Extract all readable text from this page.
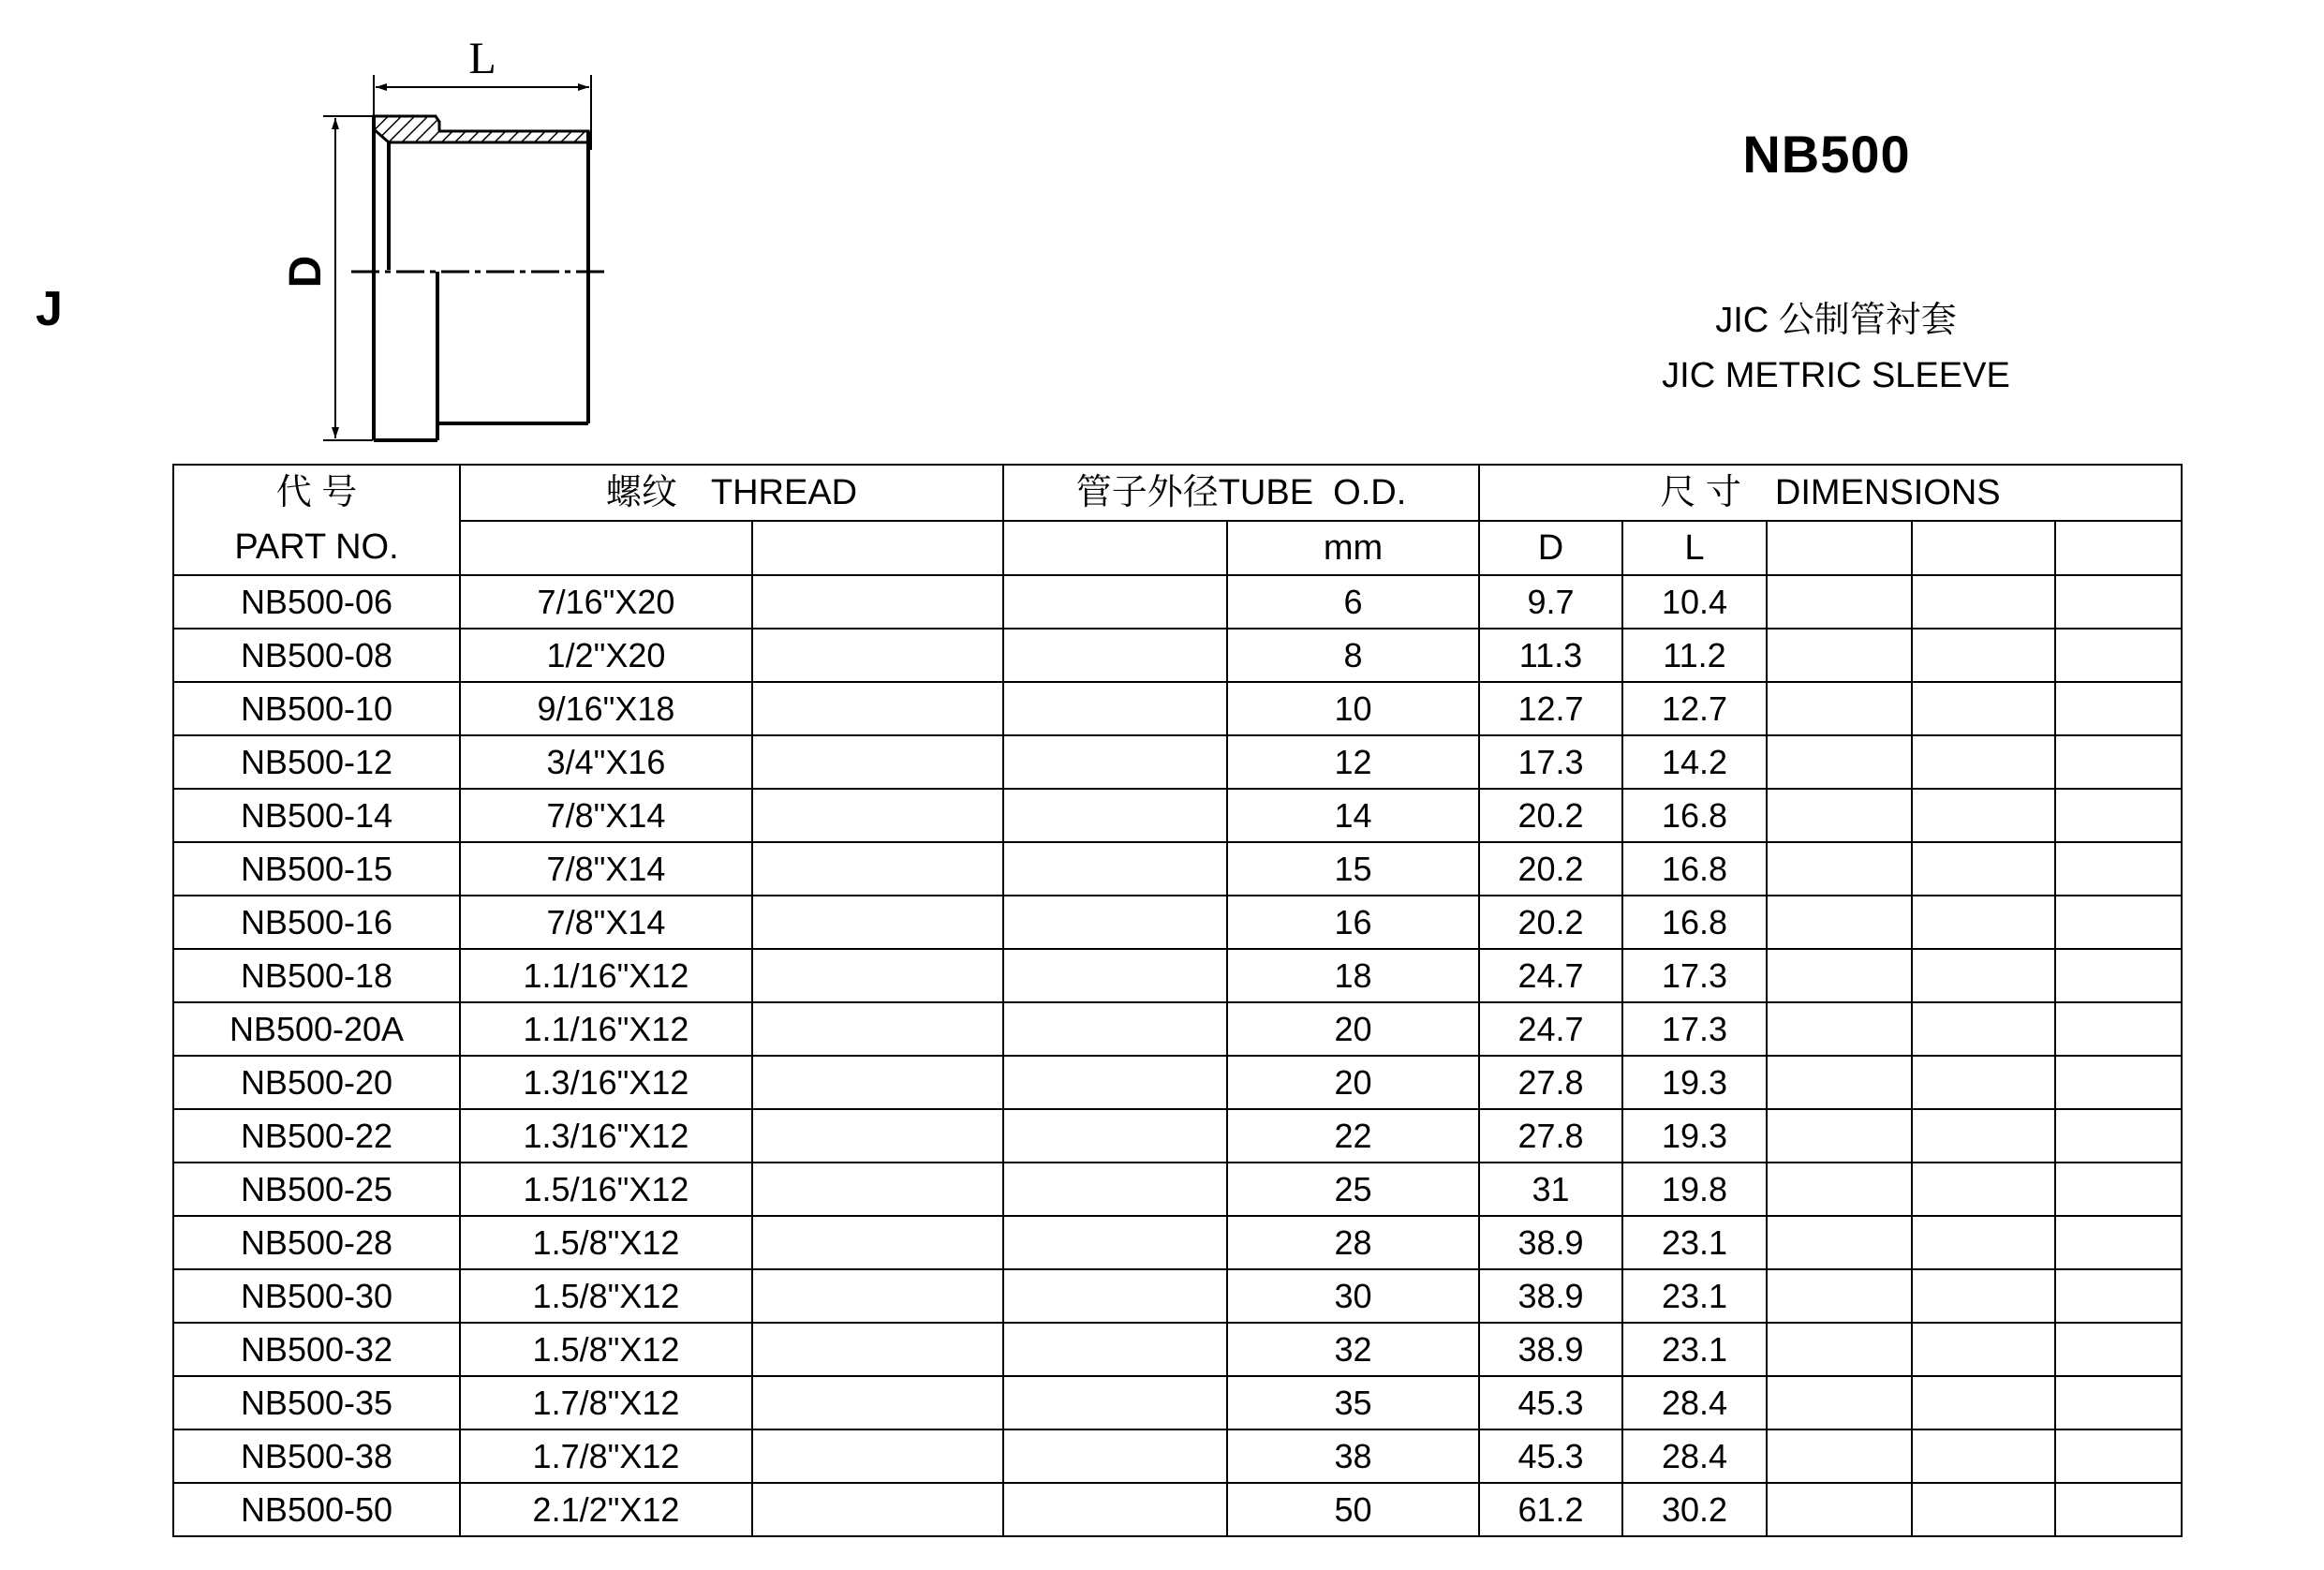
J
L
D
NB500
JIC 公制管衬套
JIC METRIC SLEEVE
代 号
PART NO.	螺纹 THREAD		管子外径TUBE  O.D.		尺 寸 DIMENSIONS				
				mm	D	L			
NB500-06	7/16"X20			6	9.7	10.4			
NB500-08	1/2"X20			8	11.3	11.2			
NB500-10	9/16"X18			10	12.7	12.7			
NB500-12	3/4"X16			12	17.3	14.2			
NB500-14	7/8"X14			14	20.2	16.8			
NB500-15	7/8"X14			15	20.2	16.8			
NB500-16	7/8"X14			16	20.2	16.8			
NB500-18	1.1/16"X12			18	24.7	17.3			
NB500-20A	1.1/16"X12			20	24.7	17.3			
NB500-20	1.3/16"X12			20	27.8	19.3			
NB500-22	1.3/16"X12			22	27.8	19.3			
NB500-25	1.5/16"X12			25	31	19.8			
NB500-28	1.5/8"X12			28	38.9	23.1			
NB500-30	1.5/8"X12			30	38.9	23.1			
NB500-32	1.5/8"X12			32	38.9	23.1			
NB500-35	1.7/8"X12			35	45.3	28.4			
NB500-38	1.7/8"X12			38	45.3	28.4			
NB500-50	2.1/2"X12			50	61.2	30.2			
